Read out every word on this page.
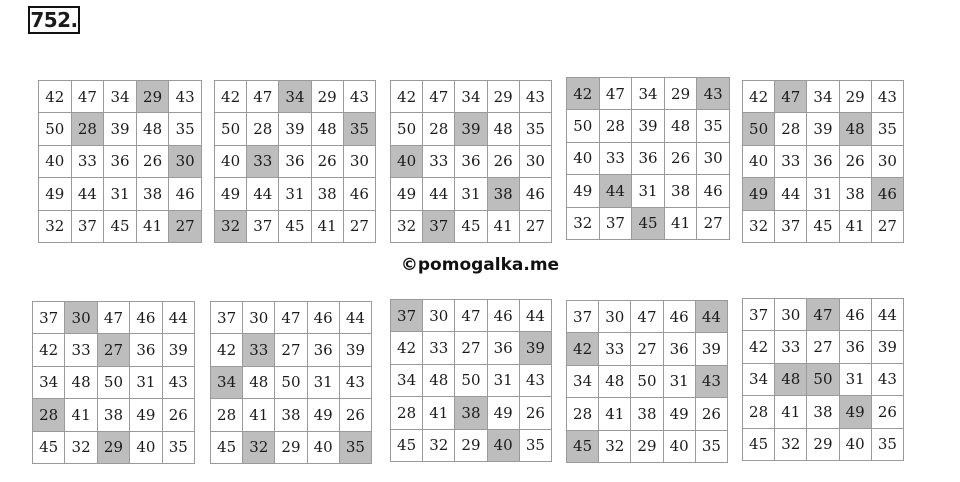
752.
©pomogalka.me
42	47	34	29	43
50	28	39	48	35
40	33	36	26	30
49	44	31	38	46
32	37	45	41	27
42	47	34	29	43
50	28	39	48	35
40	33	36	26	30
49	44	31	38	46
32	37	45	41	27
42	47	34	29	43
50	28	39	48	35
40	33	36	26	30
49	44	31	38	46
32	37	45	41	27
42	47	34	29	43
50	28	39	48	35
40	33	36	26	30
49	44	31	38	46
32	37	45	41	27
42	47	34	29	43
50	28	39	48	35
40	33	36	26	30
49	44	31	38	46
32	37	45	41	27
37	30	47	46	44
42	33	27	36	39
34	48	50	31	43
28	41	38	49	26
45	32	29	40	35
37	30	47	46	44
42	33	27	36	39
34	48	50	31	43
28	41	38	49	26
45	32	29	40	35
37	30	47	46	44
42	33	27	36	39
34	48	50	31	43
28	41	38	49	26
45	32	29	40	35
37	30	47	46	44
42	33	27	36	39
34	48	50	31	43
28	41	38	49	26
45	32	29	40	35
37	30	47	46	44
42	33	27	36	39
34	48	50	31	43
28	41	38	49	26
45	32	29	40	35
